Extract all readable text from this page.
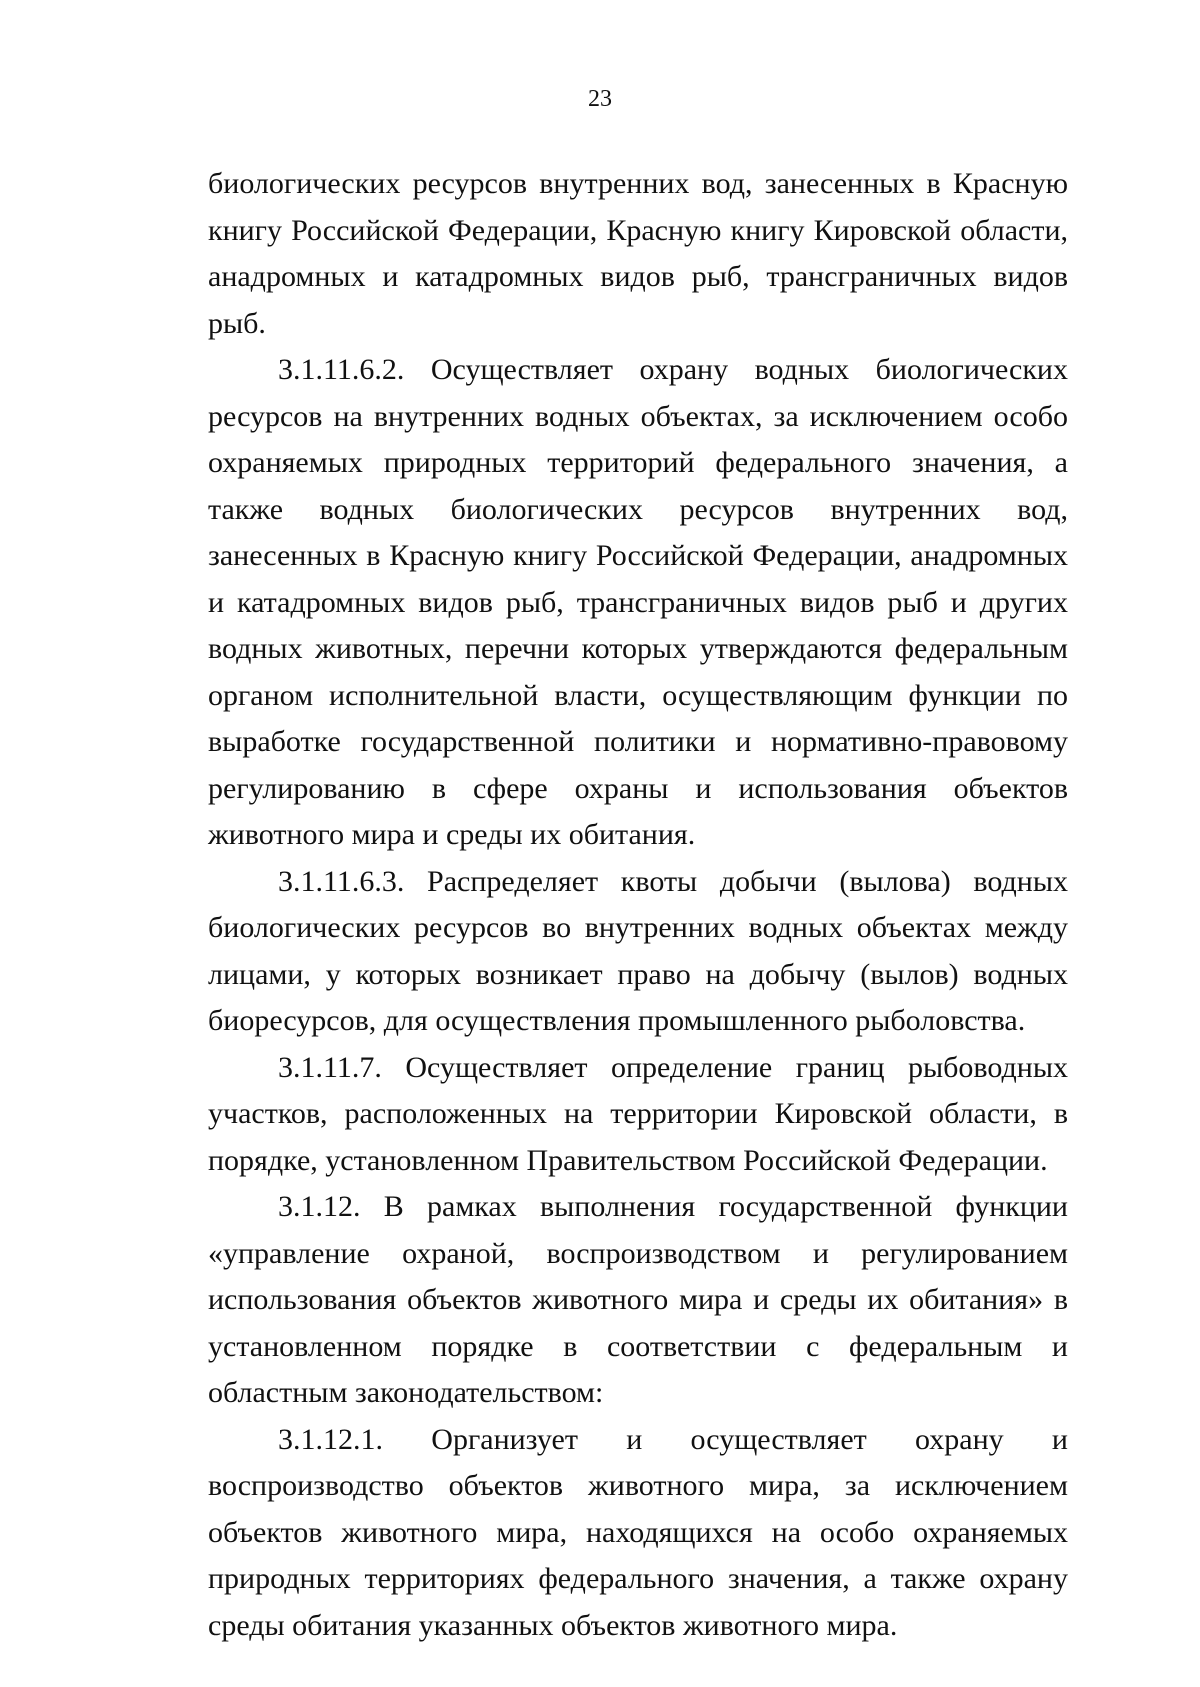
23

биологических ресурсов внутренних вод, занесенных в Красную книгу Российской Федерации, Красную книгу Кировской области, анадромных и катадромных видов рыб, трансграничных видов рыб.

3.1.11.6.2. Осуществляет охрану водных биологических ресурсов на внутренних водных объектах, за исключением особо охраняемых природных территорий федерального значения, а также водных биологических ресурсов внутренних вод, занесенных в Красную книгу Российской Федерации, анадромных и катадромных видов рыб, трансграничных видов рыб и других водных животных, перечни которых утверждаются федеральным органом исполнительной власти, осуществляющим функции по выработке государственной политики и нормативно-правовому регулированию в сфере охраны и использования объектов животного мира и среды их обитания.

3.1.11.6.3. Распределяет квоты добычи (вылова) водных биологических ресурсов во внутренних водных объектах между лицами, у которых возникает право на добычу (вылов) водных биоресурсов, для осуществления промышленного рыболовства.

3.1.11.7. Осуществляет определение границ рыбоводных участков, расположенных на территории Кировской области, в порядке, установленном Правительством Российской Федерации.

3.1.12. В рамках выполнения государственной функции «управление охраной, воспроизводством и регулированием использования объектов животного мира и среды их обитания» в установленном порядке в соответствии с федеральным и областным законодательством:

3.1.12.1. Организует и осуществляет охрану и воспроизводство объектов животного мира, за исключением объектов животного мира, находящихся на особо охраняемых природных территориях федерального значения, а также охрану среды обитания указанных объектов животного мира.
